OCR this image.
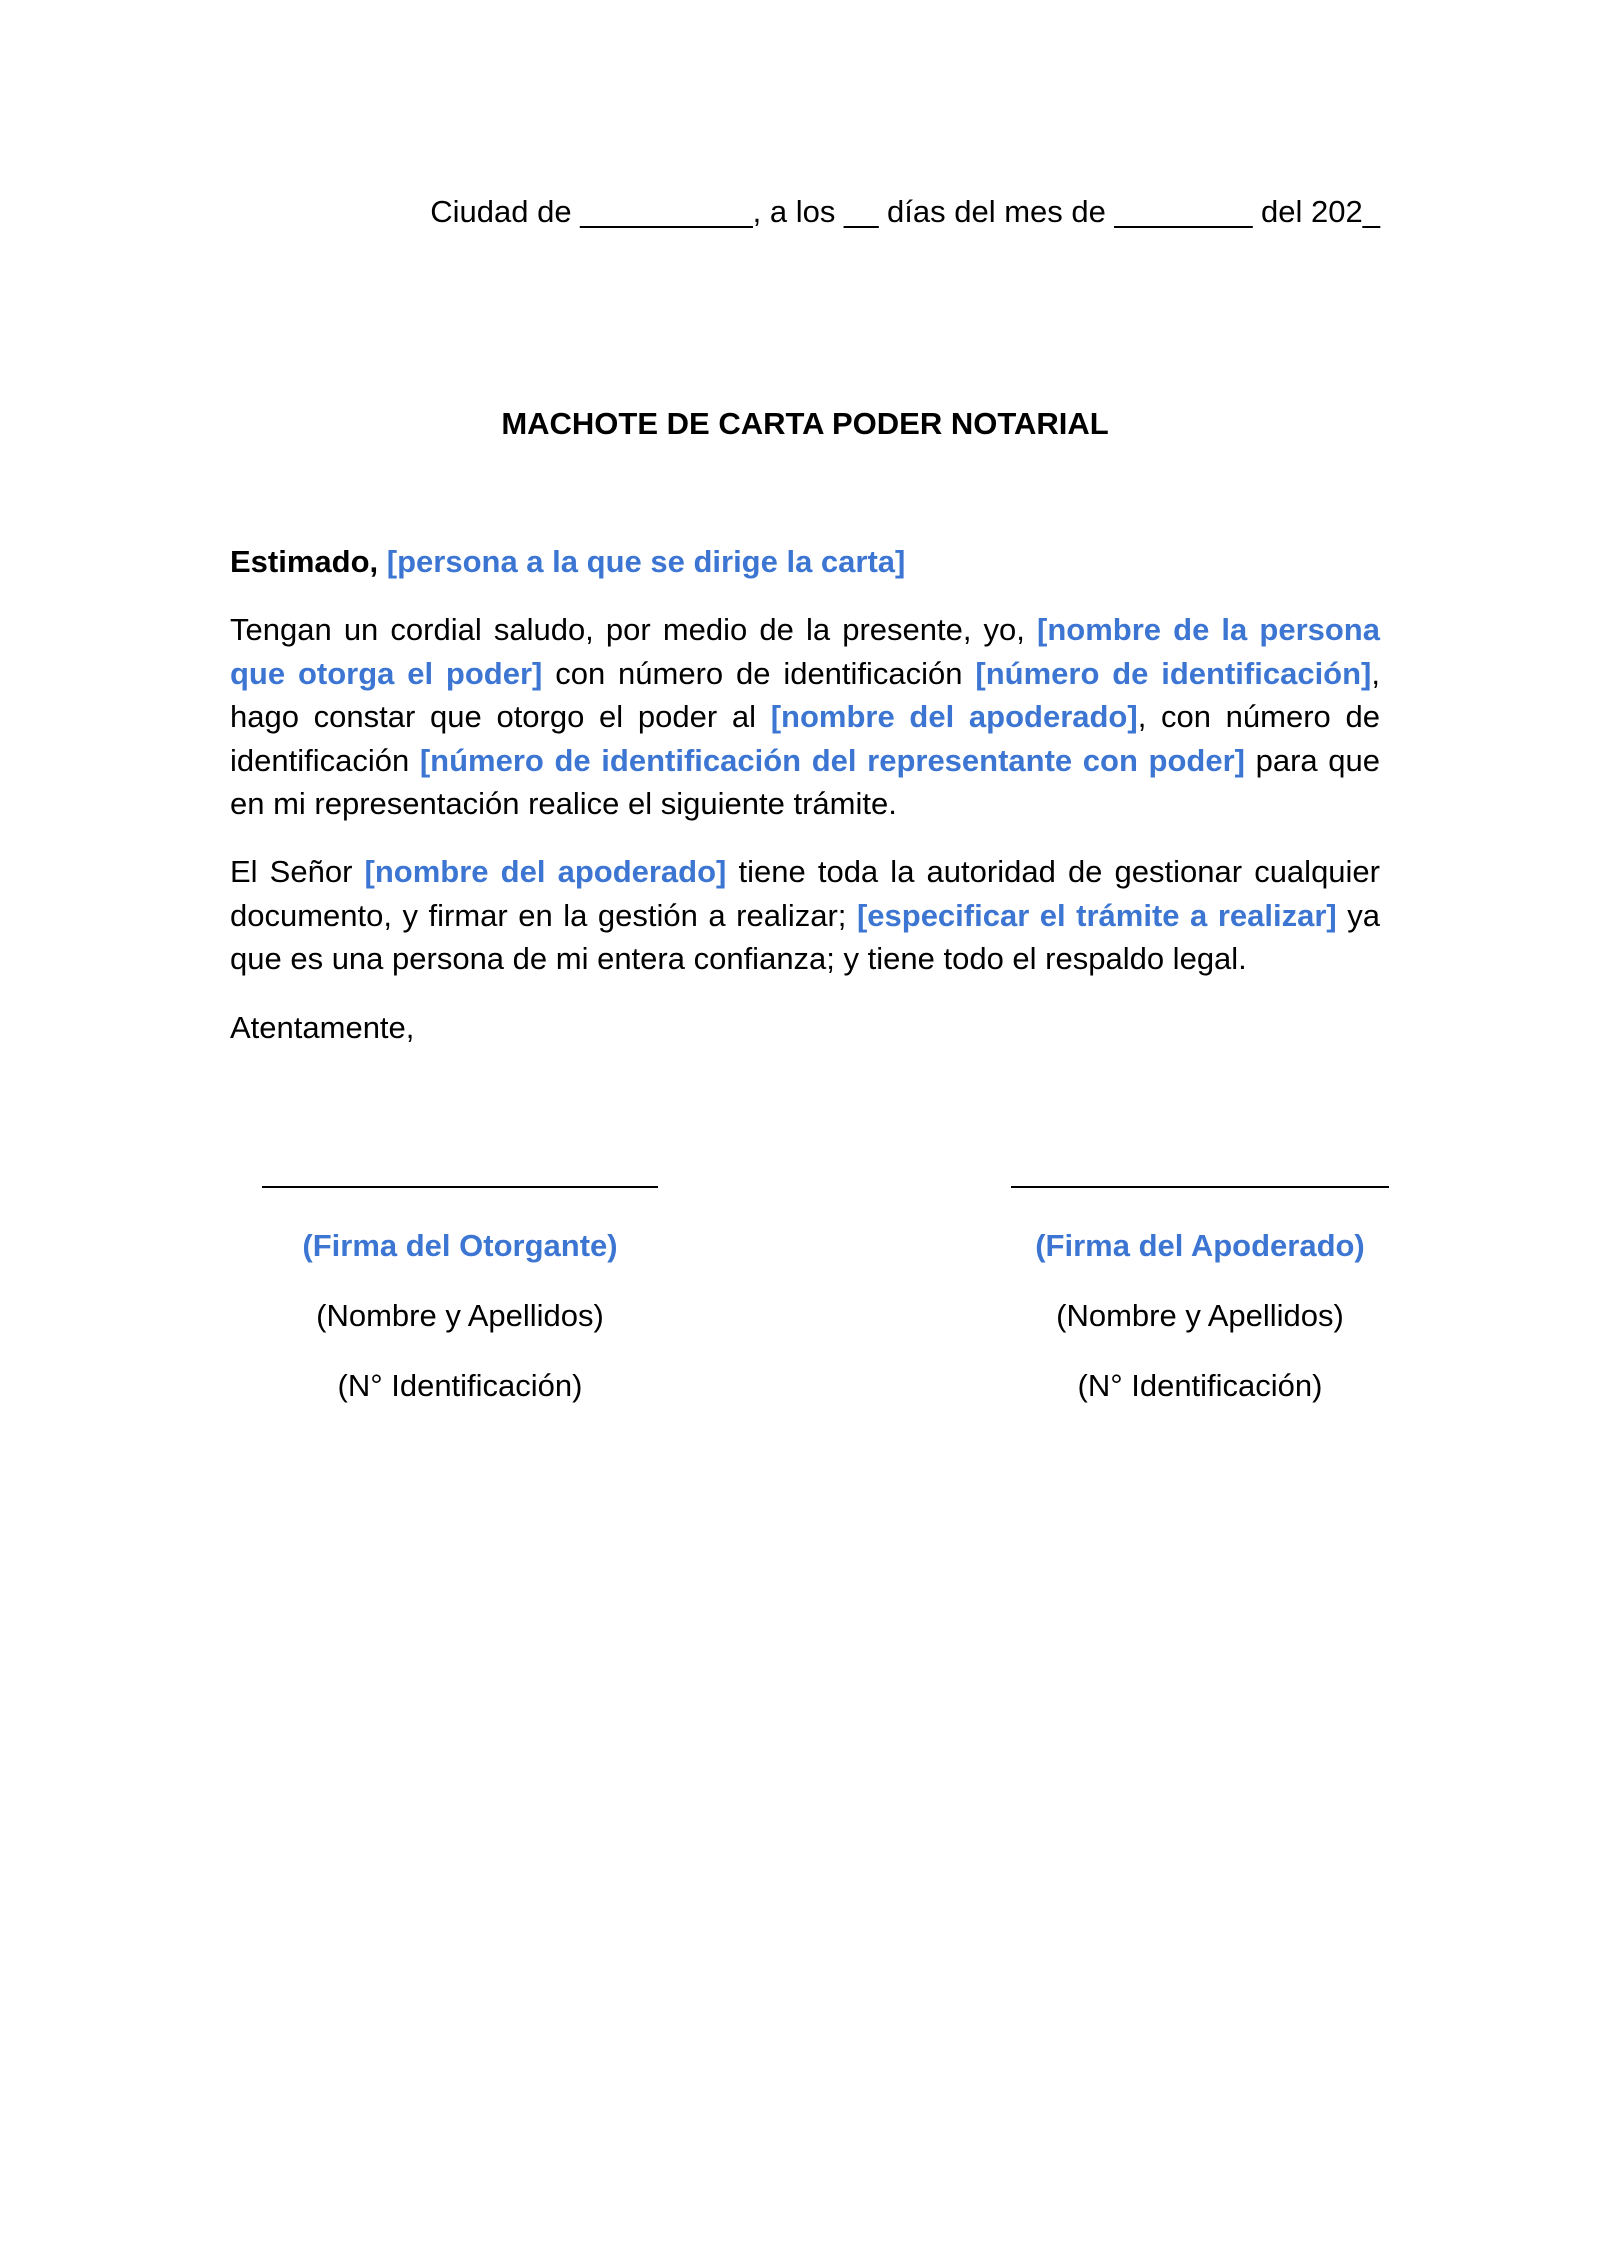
Ciudad de __________, a los __ días del mes de ________ del 202_
MACHOTE DE CARTA PODER NOTARIAL
Estimado, [persona a la que se dirige la carta]
Tengan un cordial saludo, por medio de la presente, yo, [nombre de la persona que otorga el poder] con número de identificación [número de identificación], hago constar que otorgo el poder al [nombre del apoderado], con número de identificación [número de identificación del representante con poder] para que en mi representación realice el siguiente trámite.
El Señor [nombre del apoderado] tiene toda la autoridad de gestionar cualquier documento, y firmar en la gestión a realizar; [especificar el trámite a realizar] ya que es una persona de mi entera confianza; y tiene todo el respaldo legal.
Atentamente,
(Firma del Otorgante)
(Nombre y Apellidos)
(N° Identificación)
(Firma del Apoderado)
(Nombre y Apellidos)
(N° Identificación)
